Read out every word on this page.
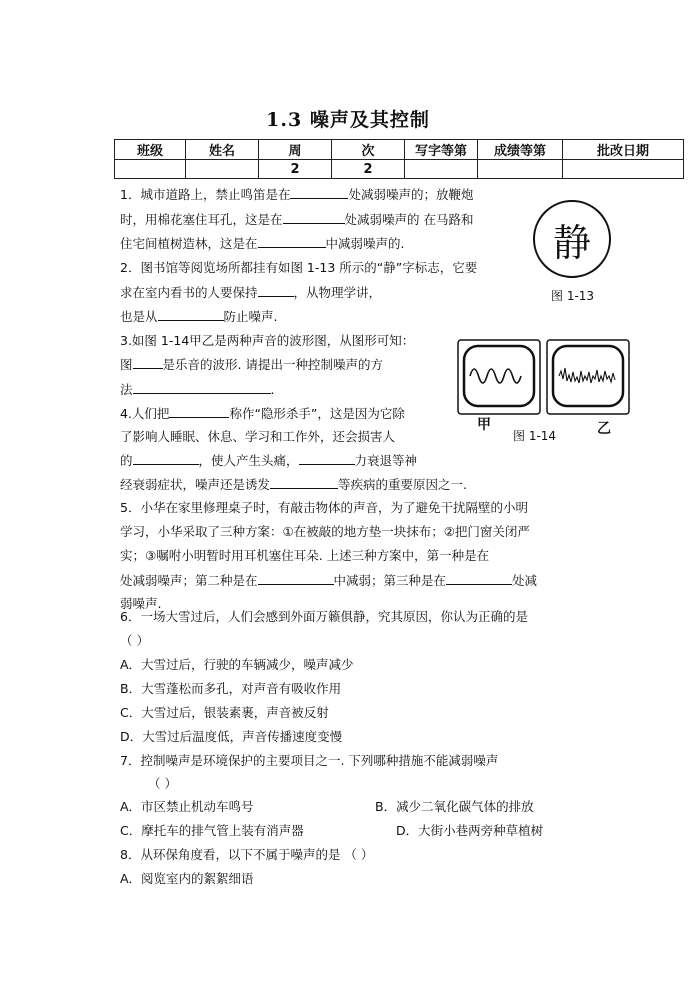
1.3 噪声及其控制
班级	姓名	周	次	写字等第	成绩等第	批改日期
		2	2			
1．城市道路上，禁止鸣笛是在	处减弱噪声的；放鞭炮
时，用棉花塞住耳孔，这是在	处减弱噪声的 在马路和
住宅间植树造林，这是在	中减弱噪声的.	静
图 1-13
2．图书馆等阅览场所都挂有如图 1-13 所示的“静”字标志，它要
求在室内看书的人要保持	，从物理学讲，
也是从	防止噪声.
3.如图 1-14甲乙是两种声音的波形图，从图形可知：
图 是乐音的波形. 请提出一种控制噪声的方
法	.
甲	乙
图 1-14
4.人们把	称作“隐形杀手”，这是因为它除
了影响人睡眠、休息、学习和工作外，还会损害人
的	，使人产生头痛，	力衰退等神
经衰弱症状，噪声还是诱发	等疾病的重要原因之一.
5．小华在家里修理桌子时，有敲击物体的声音，为了避免干扰隔壁的小明
学习，小华采取了三种方案：①在被敲的地方垫一块抹布；②把门窗关闭严
实；③嘱咐小明暂时用耳机塞住耳朵. 上述三种方案中，第一种是在
处减弱噪声；第二种是在	中减弱；第三种是在	处减
弱噪声.
6．一场大雪过后，人们会感到外面万籁俱静，究其原因，你认为正确的是
（ ）
A．大雪过后，行驶的车辆减少，噪声减少
B．大雪蓬松而多孔，对声音有吸收作用
C．大雪过后，银装素裹，声音被反射
D．大雪过后温度低，声音传播速度变慢
7．控制噪声是环境保护的主要项目之一. 下列哪种措施不能减弱噪声
（ ）
A．市区禁止机动车鸣号	B．减少二氧化碳气体的排放
C．摩托车的排气管上装有消声器	D．大街小巷两旁种草植树
8．从环保角度看，以下不属于噪声的是 （ ）
A．阅览室内的絮絮细语
